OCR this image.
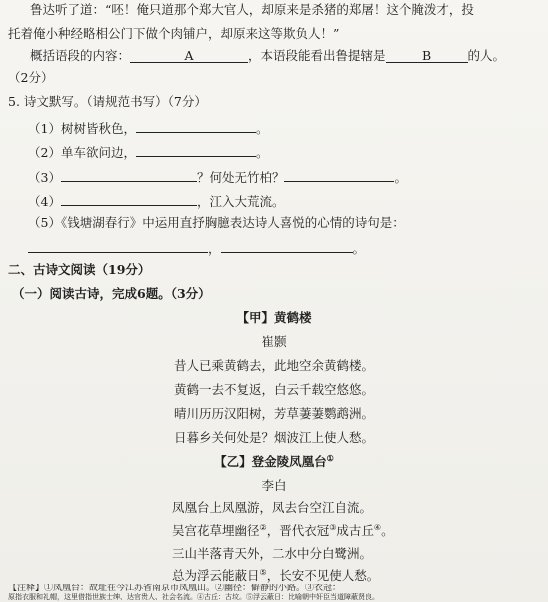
鲁达听了道：“呸！俺只道那个郑大官人，却原来是杀猪的郑屠！这个腌泼才，投
托着俺小种经略相公门下做个肉铺户，却原来这等欺负人！”
概括语段的内容：	A	，本语段能看出鲁提辖是	B	的人。
（2分）
5. 诗文默写。（请规范书写）（7分）
（1）树树皆秋色，	。
（2）单车欲问边，	。
（3）	？何处无竹柏？	。
（4）	，江入大荒流。
（5）《钱塘湖春行》中运用直抒胸臆表达诗人喜悦的心情的诗句是：
，	。
二、古诗文阅读（19分）
（一）阅读古诗，完成6题。（3分）
【甲】黄鹤楼
崔颢
昔人已乘黄鹤去，此地空余黄鹤楼。
黄鹤一去不复返，白云千载空悠悠。
晴川历历汉阳树，芳草萋萋鹦鹉洲。
日暮乡关何处是？烟波江上使人愁。
【乙】登金陵凤凰台①
李白
凤凰台上凤凰游，凤去台空江自流。
吴宫花草埋幽径②，晋代衣冠③成古丘④。
三山半落青天外，二水中分白鹭洲。
总为浮云能蔽日⑤，长安不见使人愁。
【注释】①凤凰台：故址在今江苏省南京市凤凰山。②幽径：僻静的小路。③衣冠：
原指衣服和礼帽，这里借指世族士绅、达官贵人、社会名流。④古丘：古坟。⑤浮云蔽日：比喻朝中奸臣当道障蔽贤良。
